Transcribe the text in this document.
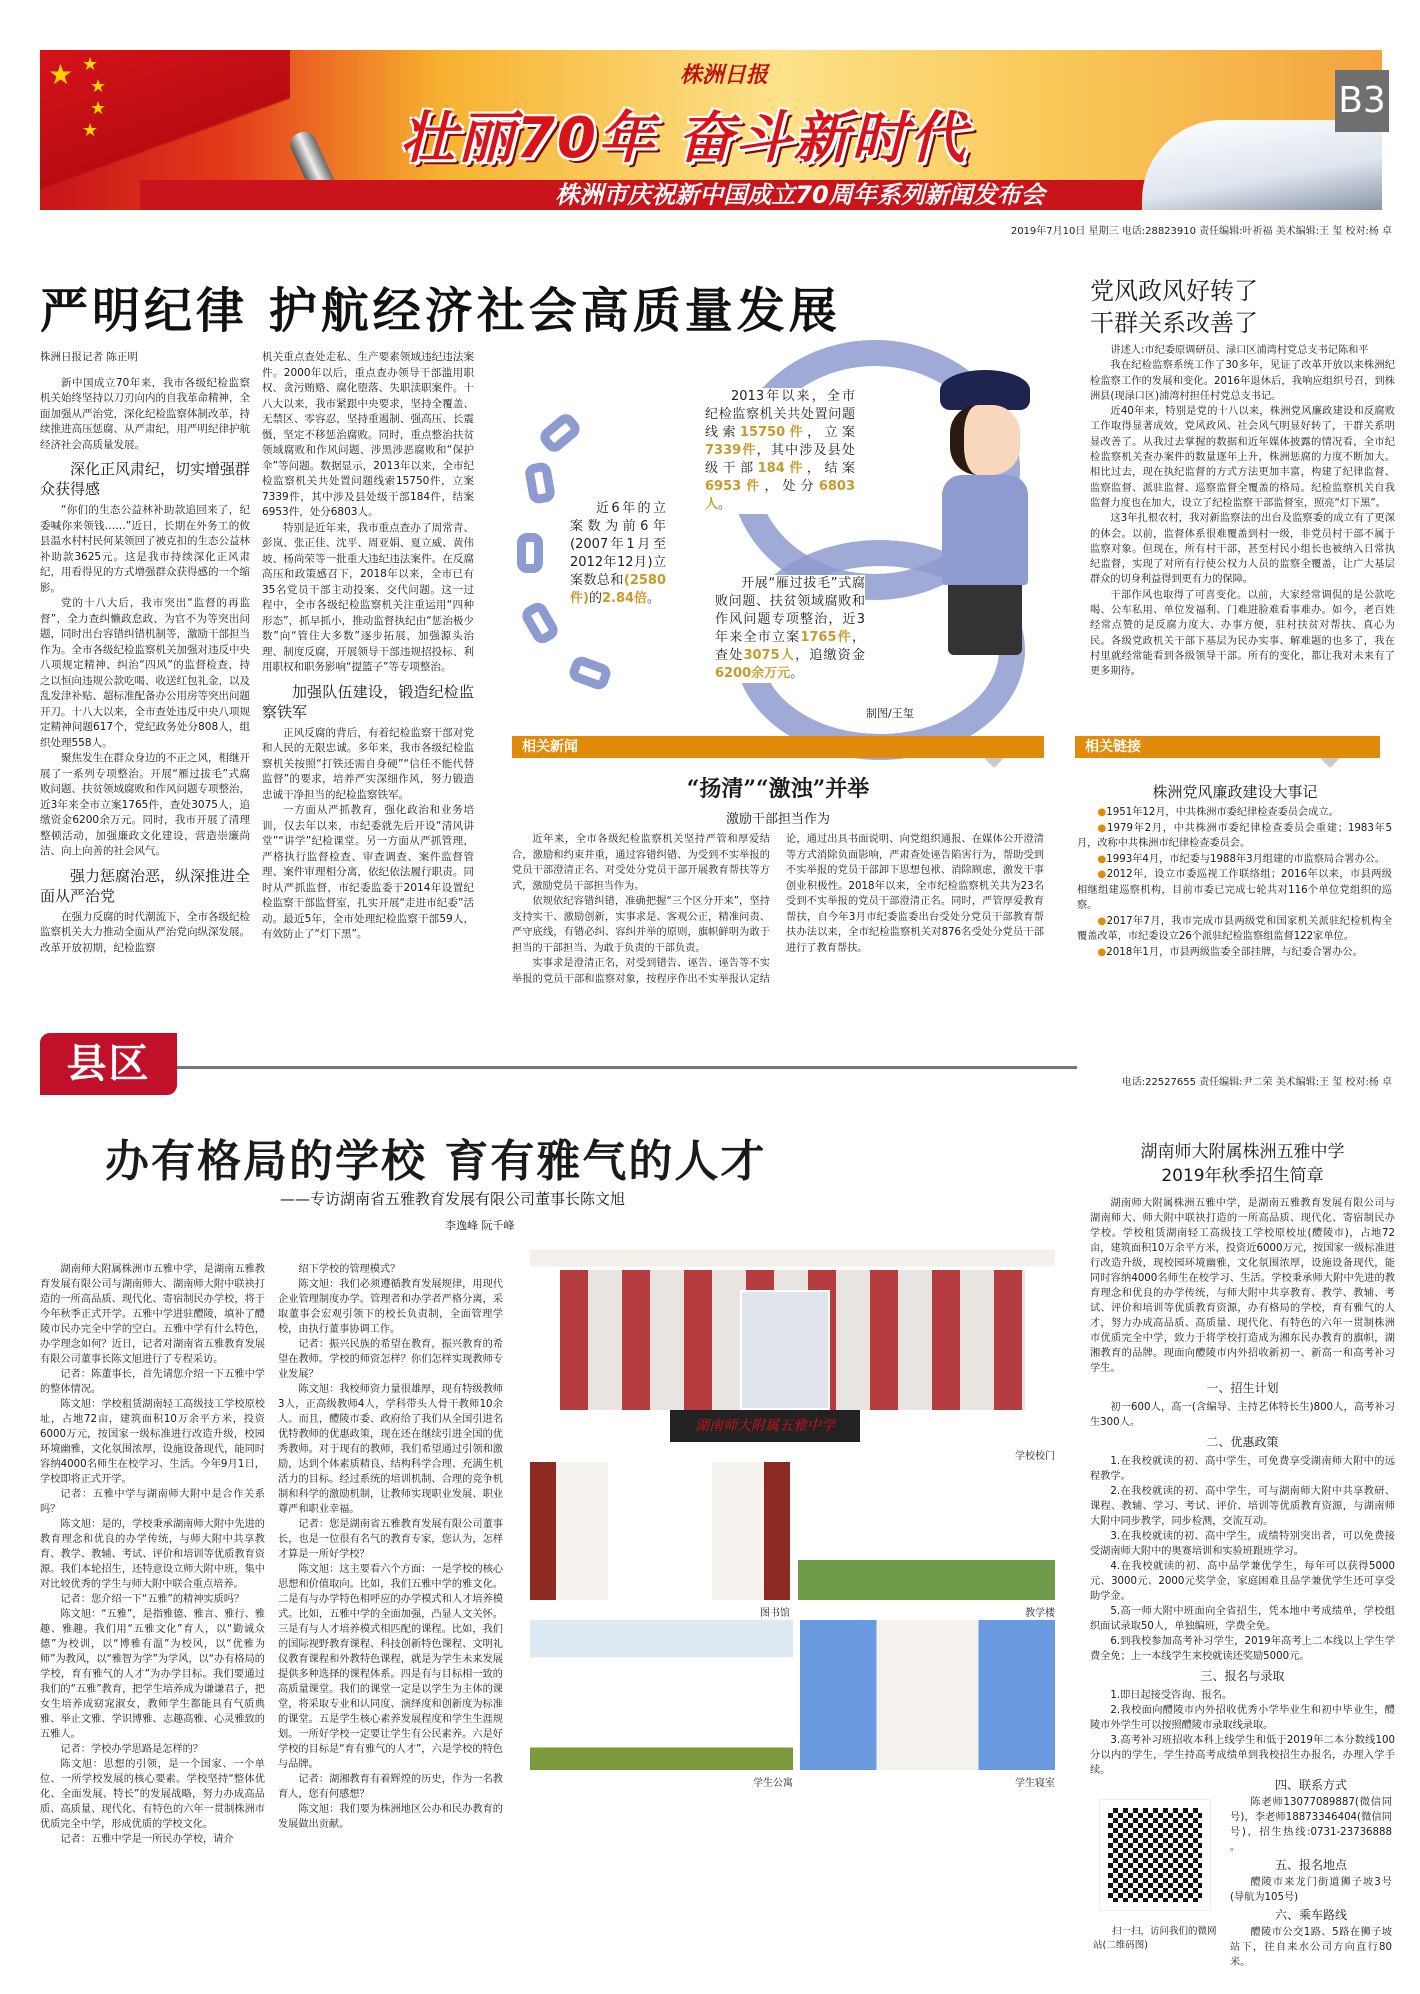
★ ★
★
★
★
株洲日报
壮丽70年 奋斗新时代
株洲市庆祝新中国成立70周年系列新闻发布会
B3
2019年7月10日 星期三 电话:28823910 责任编辑:叶祈福 美术编辑:王 玺 校对:杨 卓
严明纪律 护航经济社会高质量发展

株洲日报记者 陈正明

新中国成立70年来，我市各级纪检监察机关始终坚持以刀刃向内的自我革命精神，全面加强从严治党，深化纪检监察体制改革，持续推进高压惩腐、从严肃纪，用严明纪律护航经济社会高质量发展。

深化正风肃纪，切实增强群众获得感

“你们的生态公益林补助款追回来了，纪委喊你来领钱……”近日，长期在外务工的攸县温水村村民何某领回了被克扣的生态公益林补助款3625元。这是我市持续深化正风肃纪，用看得见的方式增强群众获得感的一个缩影。

党的十八大后，我市突出“监督的再监督”，全力查纠懒政怠政、为官不为等突出问题，同时出台容错纠错机制等，激励干部担当作为。全市各级纪检监察机关加强对违反中央八项规定精神、纠治“四风”的监督检查，持之以恒向违规公款吃喝、收送红包礼金，以及乱发津补贴、超标准配备办公用房等突出问题开刀。十八大以来，全市查处违反中央八项规定精神问题617个，党纪政务处分808人，组织处理558人。

聚焦发生在群众身边的不正之风，相继开展了一系列专项整治。开展“雁过拔毛”式腐败问题、扶贫领域腐败和作风问题专项整治，近3年来全市立案1765件，查处3075人，追缴资金6200余万元。同时，我市开展了清理整顿活动，加强廉政文化建设，营造崇廉尚洁、向上向善的社会风气。

强力惩腐治恶，纵深推进全面从严治党

在强力反腐的时代潮流下，全市各级纪检监察机关大力推动全面从严治党向纵深发展。改革开放初期，纪检监察

机关重点查处走私、生产要素领域违纪违法案件。2000年以后，重点查办领导干部滥用职权、贪污贿赂、腐化堕落、失职渎职案件。十八大以来，我市紧跟中央要求，坚持全覆盖、无禁区、零容忍，坚持重遏制、强高压、长震慑，坚定不移惩治腐败。同时，重点整治扶贫领域腐败和作风问题、涉黑涉恶腐败和“保护伞”等问题。数据显示，2013年以来，全市纪检监察机关共处置问题线索15750件，立案7339件，其中涉及县处级干部184件，结案6953件，处分6803人。

特别是近年来，我市重点查办了周常青、彭岚、张正佳、沈平、周亚娟、夏立威、黄伟坡、杨尚荣等一批重大违纪违法案件。在反腐高压和政策感召下，2018年以来，全市已有35名党员干部主动投案、交代问题。这一过程中，全市各级纪检监察机关注重运用“四种形态”，抓早抓小，推动监督执纪由“惩治极少数”向“管住大多数”逐步拓展，加强源头治理、制度反腐，开展领导干部违规招投标、利用职权和职务影响“提篮子”等专项整治。

加强队伍建设，锻造纪检监察铁军

正风反腐的背后，有着纪检监察干部对党和人民的无限忠诚。多年来，我市各级纪检监察机关按照“打铁还需自身硬”“信任不能代替监督”的要求，培养严实深细作风，努力锻造忠诚干净担当的纪检监察铁军。

一方面从严抓教育，强化政治和业务培训，仅去年以来，市纪委就先后开设“清风讲堂”“讲学”纪检课堂。另一方面从严抓管理，严格执行监督检查、审查调查、案件监督管理、案件审理相分离，依纪依法履行职责。同时从严抓监督，市纪委监委于2014年设置纪检监察干部监督室，扎实开展“走进市纪委”活动。最近5年，全市处理纪检监察干部59人，有效防止了“灯下黑”。

2013年以来，全市纪检监察机关共处置问题线索15750件，立案7339件，其中涉及县处级干部184件，结案6953件，处分6803人。
近6年的立案数为前6年(2007年1月至2012年12月)立案数总和(2580件)的2.84倍。
开展“雁过拔毛”式腐败问题、扶贫领域腐败和作风问题专项整治，近3年来全市立案1765件，查处3075人，追缴资金6200余万元。
制图/王玺
党风政风好转了
干群关系改善了

讲述人:市纪委原调研员、渌口区浦湾村党总支书记陈和平

我在纪检监察系统工作了30多年，见证了改革开放以来株洲纪检监察工作的发展和变化。2016年退休后，我响应组织号召，到株洲县(现渌口区)浦湾村担任村党总支书记。

近40年来，特别是党的十八以来，株洲党风廉政建设和反腐败工作取得显著成效，党风政风、社会风气明显好转了，干群关系明显改善了。从我过去掌握的数据和近年媒体披露的情况看，全市纪检监察机关查办案件的数量逐年上升，株洲惩腐的力度不断加大。相比过去，现在执纪监督的方式方法更加丰富，构建了纪律监督、监察监督、派驻监督、巡察监督全覆盖的格局。纪检监察机关自我监督力度也在加大，设立了纪检监察干部监督室，照亮“灯下黑”。

这3年扎根农村，我对新监察法的出台及监察委的成立有了更深的体会。以前，监督体系很难覆盖到村一级，非党员村干部不属于监察对象。但现在，所有村干部，甚至村民小组长也被纳入日常执纪监督，实现了对所有行使公权力人员的监察全覆盖，让广大基层群众的切身利益得到更有力的保障。

干部作风也取得了可喜变化。以前，大家经常调侃的是公款吃喝、公车私用、单位发福利、门难进脸难看事难办。如今，老百姓经常点赞的是反腐力度大、办事方便，驻村扶贫对帮扶、真心为民。各级党政机关干部下基层为民办实事、解难题的也多了，我在村里就经常能看到各级领导干部。所有的变化，都让我对未来有了更多期待。

相关新闻
“扬清”“激浊”并举
激励干部担当作为

近年来，全市各级纪检监察机关坚持严管和厚爱结合，激励和约束并重，通过容错纠错、为受到不实举报的党员干部澄清正名、对受处分党员干部开展教育帮扶等方式，激励党员干部担当作为。

依规依纪容错纠错，准确把握“三个区分开来”，坚持支持实干、激励创新，实事求是、客观公正，精准问责、严守底线，有错必纠、容纠并举的原则，旗帜鲜明为敢于担当的干部担当、为敢于负责的干部负责。

实事求是澄清正名，对受到错告、诬告、诬告等不实举报的党员干部和监察对象，按程序作出不实举报认定结论，通过出具书面说明、向党组织通报、在媒体公开澄清等方式消除负面影响，严肃查处诬告陷害行为，帮助受到不实举报的党员干部卸下思想包袱、消除顾虑，激发干事创业积极性。2018年以来，全市纪检监察机关共为23名受到不实举报的党员干部澄清正名。同时，严管厚爱教育帮扶，自今年3月市纪委监委出台受处分党员干部教育帮扶办法以来，全市纪检监察机关对876名受处分党员干部进行了教育帮扶。

相关链接
株洲党风廉政建设大事记

●1951年12月，中共株洲市委纪律检查委员会成立。

●1979年2月，中共株洲市委纪律检查委员会重建；1983年5月，改称中共株洲市纪律检查委员会。

●1993年4月，市纪委与1988年3月组建的市监察局合署办公。

●2012年，设立市委巡视工作联络组；2016年以来，市县两级相继组建巡察机构，目前市委已完成七轮共对116个单位党组织的巡察。

●2017年7月，我市完成市县两级党和国家机关派驻纪检机构全覆盖改革，市纪委设立26个派驻纪检监察组监督122家单位。

●2018年1月，市县两级监委全部挂牌，与纪委合署办公。

县区	电话:22527655 责任编辑:尹二荣 美术编辑:王 玺 校对:杨 卓
办有格局的学校 育有雅气的人才
——专访湖南省五雅教育发展有限公司董事长陈文旭
李逸峰 阮千峰

湖南师大附属株洲市五雅中学，是湖南五雅教育发展有限公司与湖南师大、湖南师大附中联袂打造的一所高品质、现代化、寄宿制民办学校，将于今年秋季正式开学。五雅中学进驻醴陵，填补了醴陵市民办完全中学的空白。五雅中学有什么特色，办学理念如何？近日，记者对湖南省五雅教育发展有限公司董事长陈文旭进行了专程采访。

记者：陈董事长，首先请您介绍一下五雅中学的整体情况。

陈文旭：学校租赁湖南轻工高级技工学校原校址，占地72亩，建筑面积10万余平方米，投资6000万元，按国家一级标准进行改造升级，校园环境幽雅，文化氛围浓厚，设施设备现代，能同时容纳4000名师生在校学习、生活。今年9月1日，学校即将正式开学。

记者：五雅中学与湖南师大附中是合作关系吗？

陈文旭：是的，学校秉承湖南师大附中先进的教育理念和优良的办学传统，与师大附中共享教育、教学、教辅、考试、评价和培训等优质教育资源。我们本轮招生，还特意设立师大附中班，集中对比较优秀的学生与师大附中联合重点培养。

记者：您介绍一下“五雅”的精神实质吗？

陈文旭：“五雅”，是指雅德、雅言、雅行、雅趣、雅趣。我们用“五雅文化”育人，以“勤诚众德”为校训，以“博雅有温”为校风，以“优雅为师”为教风，以“雅智为学”为学风，以“办有格局的学校，育有雅气的人才”为办学目标。我们要通过我们的“五雅”教育，把学生培养成为谦谦君子，把女生培养成窈窕淑女，教师学生都能具有气质典雅、举止文雅、学识博雅、志趣高雅、心灵雅致的五雅人。

记者：学校办学思路是怎样的？

陈文旭：思想的引领，是一个国家、一个单位、一所学校发展的核心要素。学校坚持“整体优化、全面发展、特长”的发展战略，努力办成高品质、高质量、现代化、有特色的六年一贯制株洲市优质完全中学，形成优质的学校文化。

记者：五雅中学是一所民办学校，请介

绍下学校的管理模式？

陈文旭：我们必须遵循教育发展规律，用现代企业管理制度办学。管理者和办学者严格分离，采取董事会宏观引领下的校长负责制，全面管理学校，由执行董事协调工作。

记者：振兴民族的希望在教育，振兴教育的希望在教师。学校的师资怎样？你们怎样实现教师专业发展？

陈文旭：我校师资力量很雄厚，现有特级教师3人，正高级教师4人，学科带头人骨干教师10余人。而且，醴陵市委、政府给了我们从全国引进名优特教师的优惠政策，现在还在继续引进全国的优秀教师。对于现有的教师，我们希望通过引领和激励，达到个体素质精良、结构科学合理、充满生机活力的目标。经过系统的培训机制、合理的竞争机制和科学的激励机制，让教师实现职业发展、职业尊严和职业幸福。

记者：您是湖南省五雅教育发展有限公司董事长，也是一位很有名气的教育专家，您认为，怎样才算是一所好学校？

陈文旭：这主要看六个方面：一是学校的核心思想和价值取向。比如，我们五雅中学的雅文化。二是有与办学特色相呼应的办学模式和人才培养模式。比如，五雅中学的全面加强，凸显人文关怀。三是有与人才培养模式相匹配的课程。比如，我们的国际视野教育课程、科技创新特色课程、文明礼仪教育课程和外教特色课程，就是为学生未来发展提供多种选择的课程体系。四是有与目标相一致的高质量课堂。我们的课堂一定是以学生为主体的课堂，将采取专业和认同度、演绎度和创新度为标准的课堂。五是学生核心素养发展程度和学生生涯规划。一所好学校一定要让学生有公民素养。六是好学校的目标是“育有雅气的人才”，六是学校的特色与品牌。

记者：湖湘教育有着辉煌的历史，作为一名教育人，您有何感想？

陈文旭：我们要为株洲地区公办和民办教育的发展做出贡献。

湖南师大附属五雅中学
学校校门
图书馆	教学楼
学生公寓	学生寝室
湖南师大附属株洲五雅中学
2019年秋季招生简章

湖南师大附属株洲五雅中学，是湖南五雅教育发展有限公司与湖南师大、师大附中联袂打造的一所高品质、现代化、寄宿制民办学校。学校租赁湖南轻工高级技工学校原校址(醴陵市)，占地72亩，建筑面积10万余平方米，投资近6000万元，按国家一级标准进行改造升级，现校园环境幽雅，文化氛围浓厚，设施设备现代，能同时容纳4000名师生在校学习、生活。学校秉承师大附中先进的教育理念和优良的办学传统，与师大附中共享教育、教学、教辅、考试、评价和培训等优质教育资源，办有格局的学校，育有雅气的人才，努力办成高品质、高质量、现代化、有特色的六年一贯制株洲市优质完全中学，致力于将学校打造成为湘东民办教育的旗帜，湖湘教育的品牌。现面向醴陵市内外招收新初一、新高一和高考补习学生。

一、招生计划

初一600人，高一(含编导、主持艺体特长生)800人，高考补习生300人。

二、优惠政策

1.在我校就读的初、高中学生，可免费享受湖南师大附中的远程教学。

2.在我校就读的初、高中学生，可与湖南师大附中共享教研、课程、教辅、学习、考试、评价、培训等优质教育资源，与湖南师大附中同步教学，同步检测，交流互动。

3.在我校就读的初、高中学生，成绩特别突出者，可以免费接受湖南师大附中的奥赛培训和实验班跟班学习。

4.在我校就读的初、高中品学兼优学生，每年可以获得5000元、3000元、2000元奖学金，家庭困难且品学兼优学生还可享受助学金。

5.高一师大附中班面向全省招生，凭本地中考成绩单，学校组织面试录取50人，单独编班，学费全免。

6.到我校参加高考补习学生，2019年高考上二本线以上学生学费全免；上一本线学生来校就读还奖励5000元。

三、报名与录取

1.即日起接受咨询、报名。

2.我校面向醴陵市内外招收优秀小学毕业生和初中毕业生，醴陵市外学生可以按照醴陵市录取线录取。

3.高考补习班招收本科上线学生和低于2019年二本分数线100分以内的学生，学生持高考成绩单到我校招生办报名，办理入学手续。

扫一扫，访问我们的微网站(二维码图)
四、联系方式

陈老师13077089887(微信同号)，李老师18873346404(微信同号)，招生热线:0731-23736888 。

五、报名地点

醴陵市来龙门街道狮子坡3号(导航为105号)

六、乘车路线

醴陵市公交1路、5路在狮子坡站下，往自来水公司方向直行80米。
